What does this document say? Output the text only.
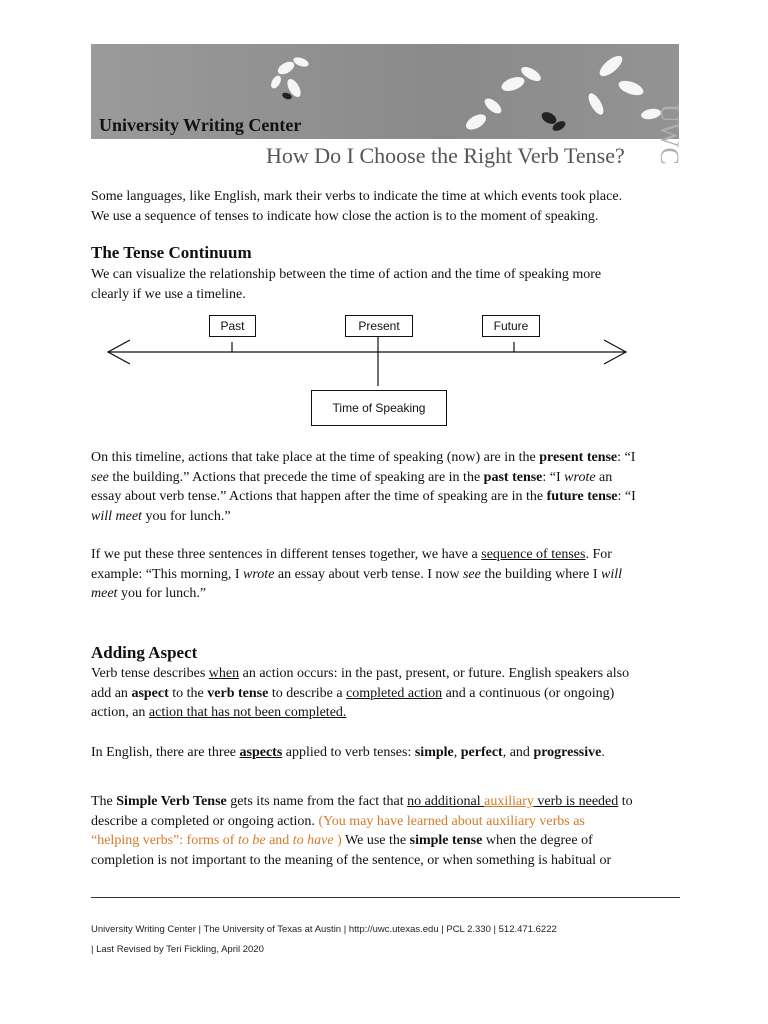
UWC
University Writing Center
How Do I Choose the Right Verb Tense?
Some languages, like English, mark their verbs to indicate the time at which events took place.
We use a sequence of tenses to indicate how close the action is to the moment of speaking.
The Tense Continuum
We can visualize the relationship between the time of action and the time of speaking more
clearly if we use a timeline.
Past	Present	Future
Time of Speaking
On this timeline, actions that take place at the time of speaking (now) are in the present tense: “I
see the building.” Actions that precede the time of speaking are in the past tense: “I wrote an
essay about verb tense.” Actions that happen after the time of speaking are in the future tense: “I
will meet you for lunch.”
If we put these three sentences in different tenses together, we have a sequence of tenses. For
example: “This morning, I wrote an essay about verb tense. I now see the building where I will
meet you for lunch.”
Adding Aspect
Verb tense describes when an action occurs: in the past, present, or future. English speakers also
add an aspect to the verb tense to describe a completed action and a continuous (or ongoing)
action, an action that has not been completed.
In English, there are three aspects applied to verb tenses: simple, perfect, and progressive.
The Simple Verb Tense gets its name from the fact that no additional auxiliary verb is needed to
describe a completed or ongoing action. (You may have learned about auxiliary verbs as
“helping verbs”: forms of to be and to have ) We use the simple tense when the degree of
completion is not important to the meaning of the sentence, or when something is habitual or
University Writing Center | The University of Texas at Austin | http://uwc.utexas.edu | PCL 2.330 | 512.471.6222
| Last Revised by Teri Fickling, April 2020
